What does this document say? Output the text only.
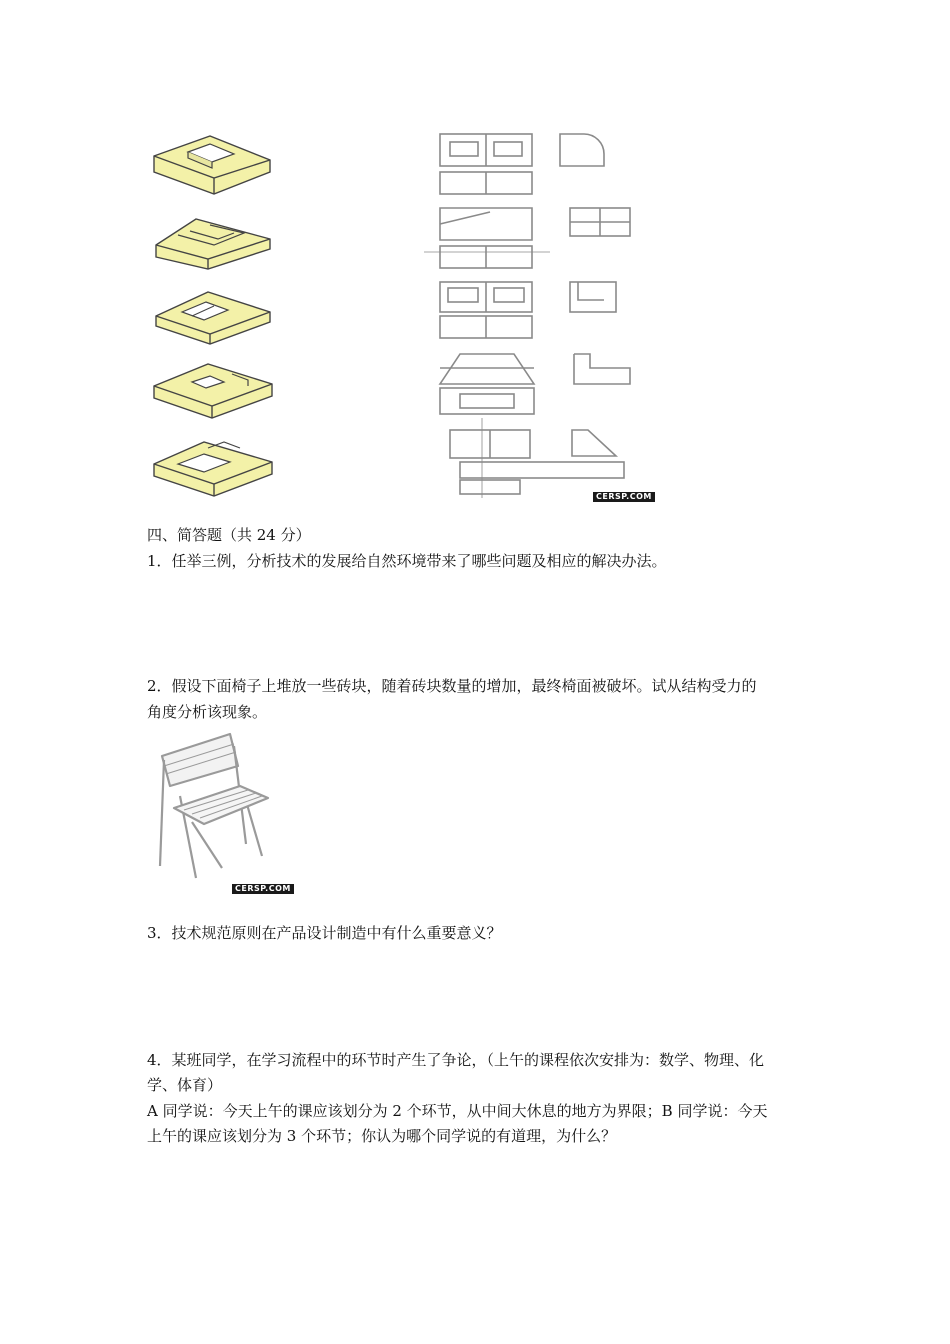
CERSP.COM
四、简答题（共 24 分）
1．任举三例，分析技术的发展给自然环境带来了哪些问题及相应的解决办法。
2．假设下面椅子上堆放一些砖块，随着砖块数量的增加，最终椅面被破坏。试从结构受力的
角度分析该现象。
CERSP.COM
3．技术规范原则在产品设计制造中有什么重要意义？
4．某班同学，在学习流程中的环节时产生了争论，（上午的课程依次安排为：数学、物理、化
学、体育）
A 同学说：今天上午的课应该划分为 2 个环节，从中间大休息的地方为界限；B 同学说：今天
上午的课应该划分为 3 个环节；你认为哪个同学说的有道理，为什么？
